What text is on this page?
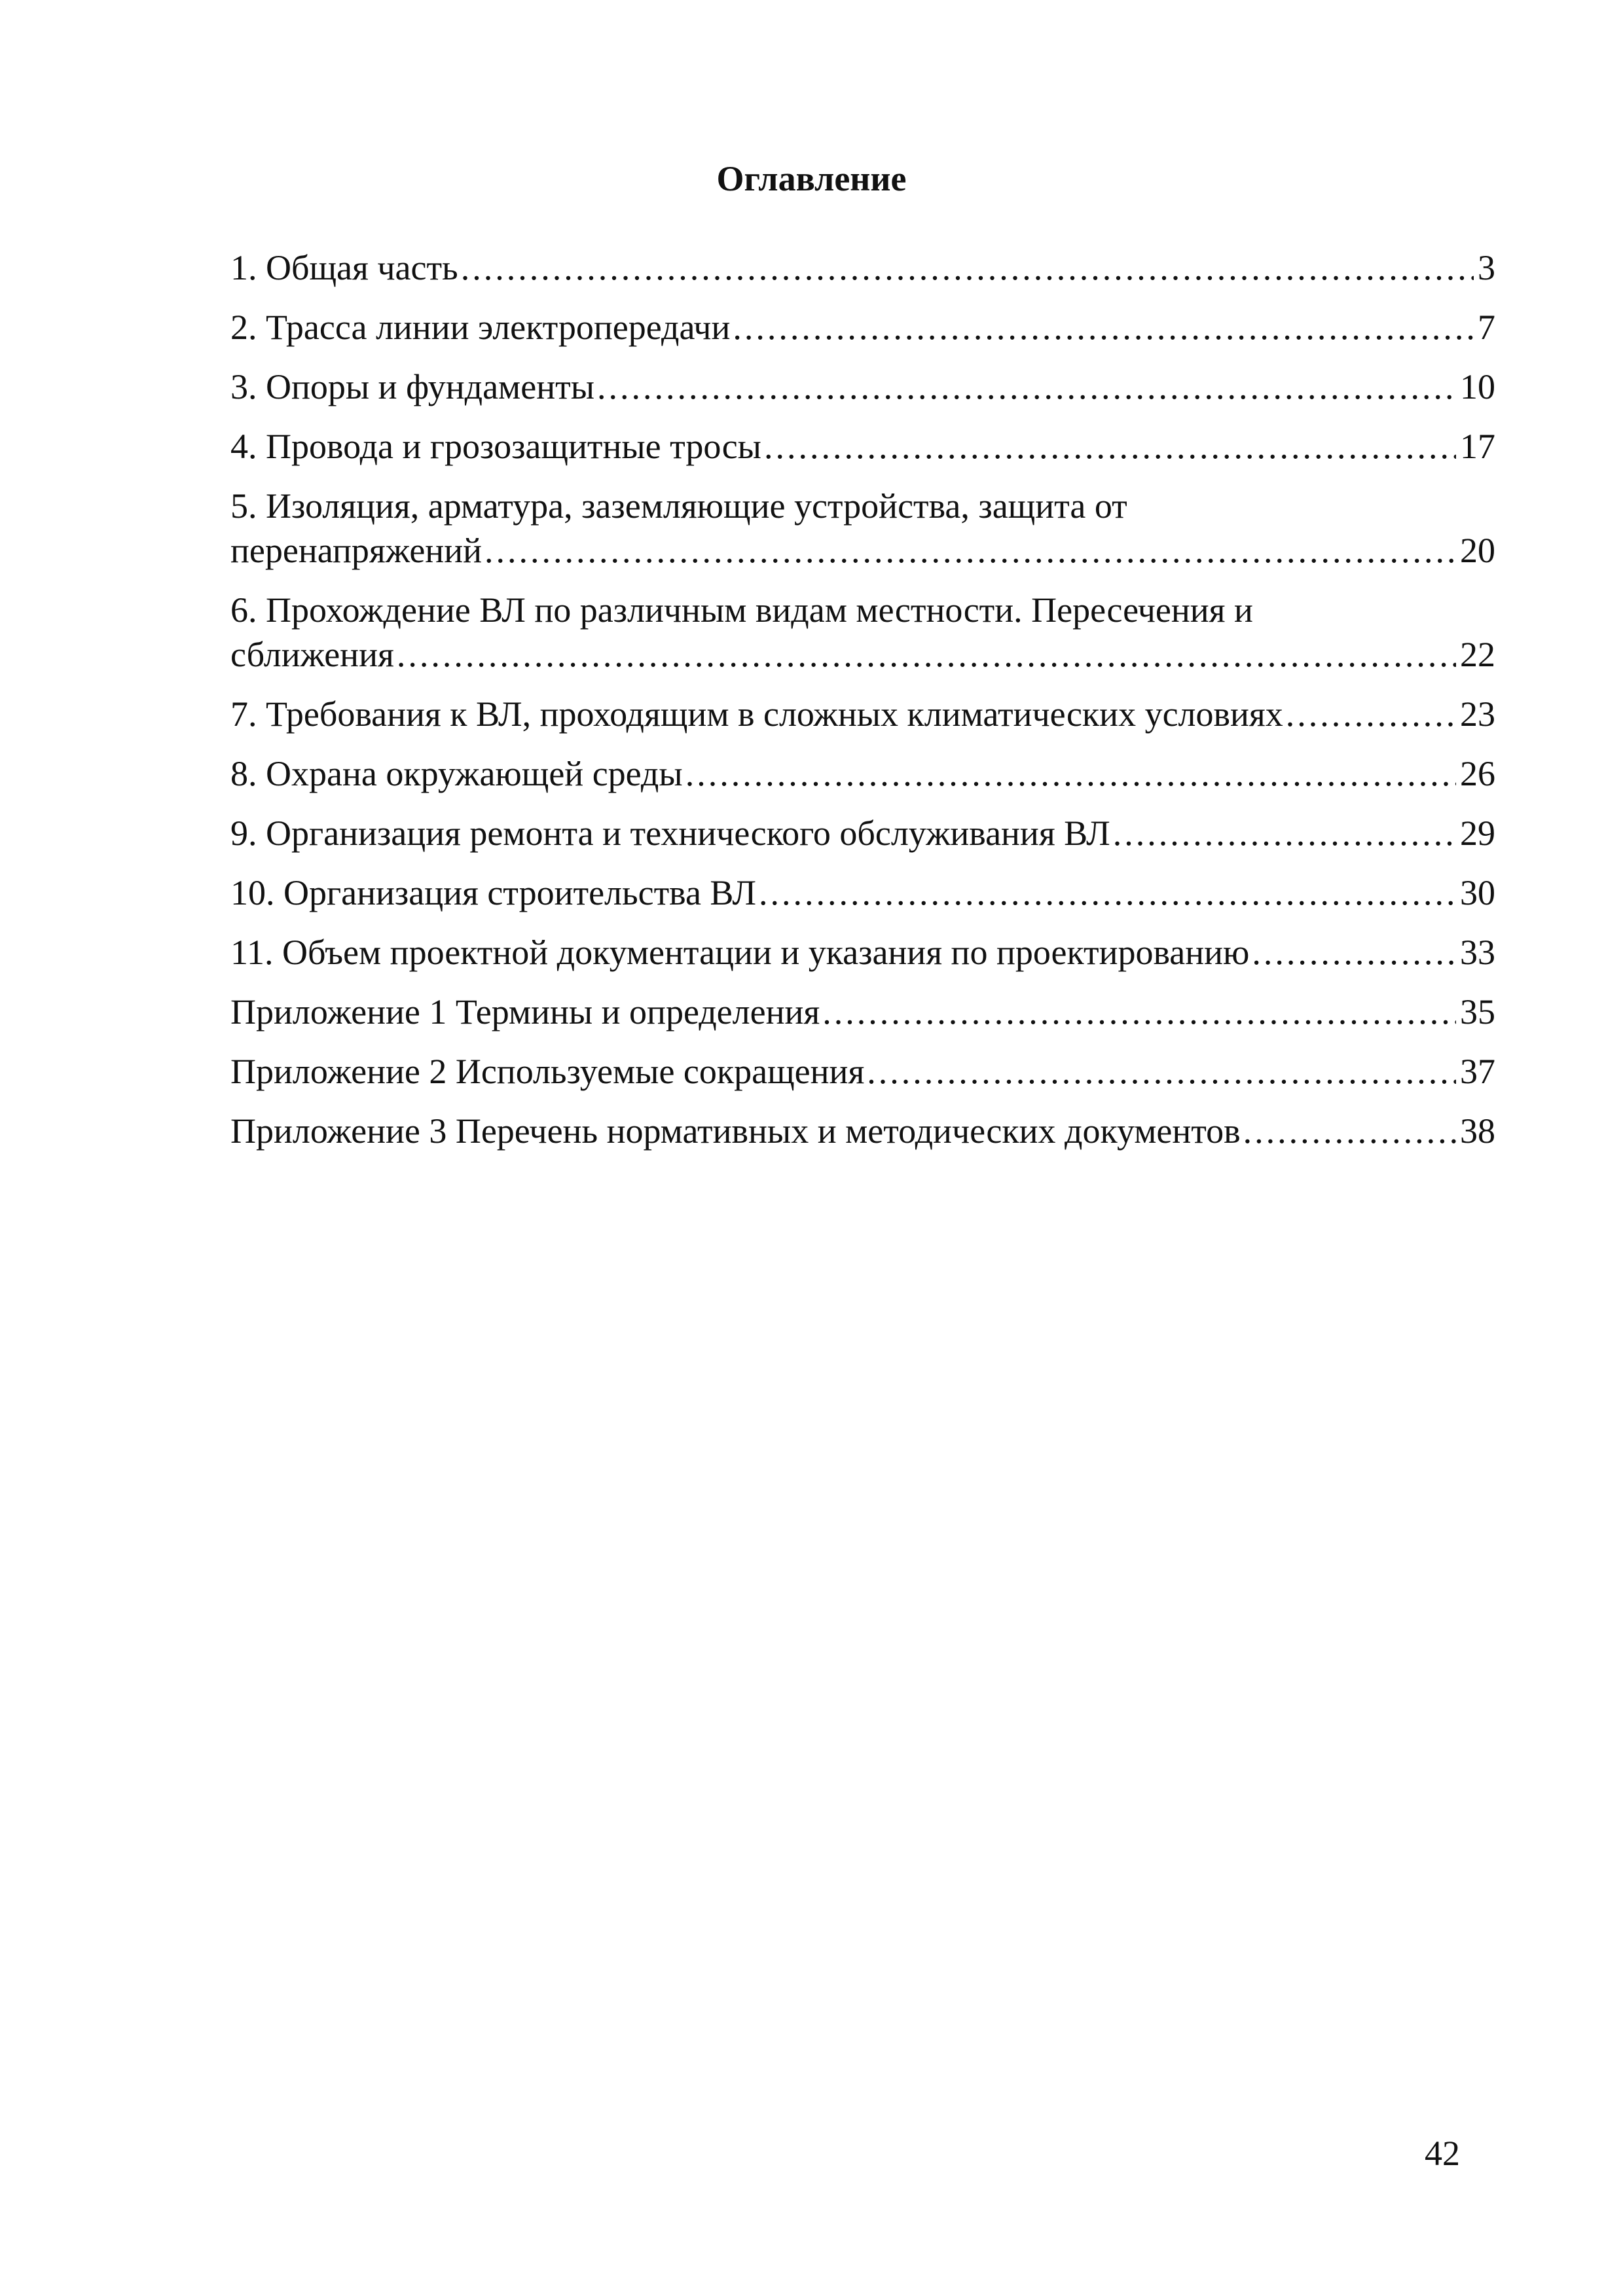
Оглавление
1. Общая часть .....	3
2. Трасса линии электропередачи .....	7
3. Опоры и фундаменты .....	10
4. Провода и грозозащитные тросы .....	17
5. Изоляция, арматура, заземляющие устройства, защита от
перенапряжений .....	20
6. Прохождение ВЛ по различным видам местности. Пересечения и
сближения .....	22
7. Требования к ВЛ, проходящим в сложных климатических условиях .....	23
8. Охрана окружающей среды .....	26
9. Организация ремонта и технического обслуживания ВЛ .....	29
10. Организация строительства ВЛ .....	30
11. Объем проектной документации и указания по проектированию .....	33
Приложение 1 Термины и определения .....	35
Приложение 2 Используемые сокращения .....	37
Приложение 3 Перечень нормативных и методических документов .....	38
42
